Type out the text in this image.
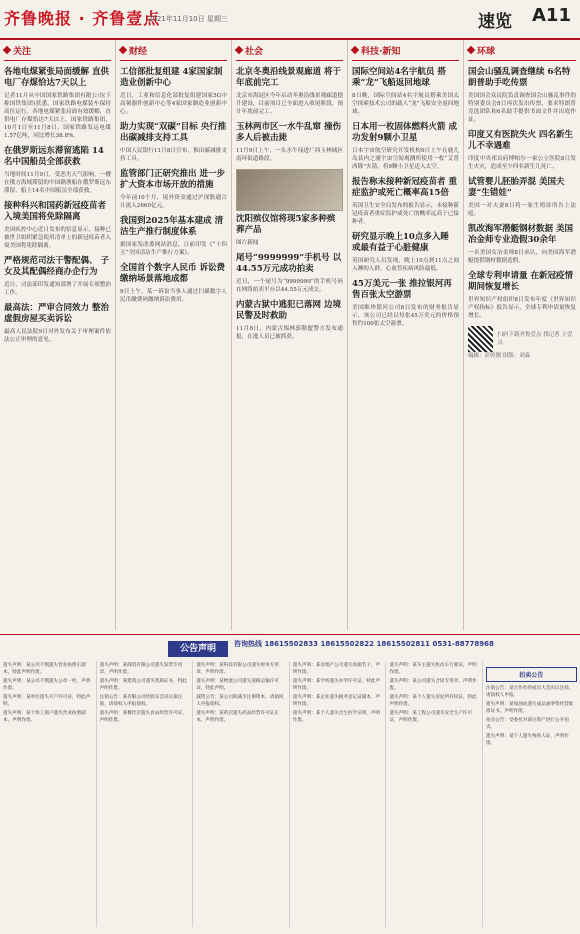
齐鲁晚报 · 齐鲁壹点
2021年11月10日 星期三	速览 A11
关注
各地电煤紧张局面缓解 直供电厂存煤恰达7天以上

记者11月从中国国家铁路集团有限公司(下称国铁集团)获悉，国家铁路电煤装车保持高位运行。各地电煤紧张局面有效缓解，直供电厂存煤恰达7天以上。国家铁路集团，10月1日至11月8日，国家铁路发运电煤1.57亿吨，同比增长38.8%。

在俄罗斯远东滞留逃陷 14名中国船员全部获救

当地时间11月9日，受恶劣天气影响，一艘在俄方海域滞留的中国籍渔船在俄罗斯远东滞留，船上14名中国船员全部获救。

接种科兴和国药新冠疫苗者 入境美国将免除隔离

美国疾控中心近日发布的信息显示，接种已被世卫组织紧急使用清单上的新冠疫苗者入境美国将免除隔离。

严格规范司法干警配偶、 子女及其配偶经商办企行为

近日，司法部印发通知部署了开展专项整治工作。

最高法：严审合同效力 整治虚假房屋买卖诉讼

最高人民法院9日对外发布关于审理案件依法公正审理的意见。

财经
工信部批复组建 4家国家制造业创新中心

近日，工业和信息化部批复组建国家5G中高频器件创新中心等4家国家制造业创新中心。

助力实现“双碳”目标 央行推出碳减排支持工具

中国人民银行11月8日宣布，推出碳减排支持工具。

监管部门正研究推出 进一步扩大资本市场开放的措施

今年前10个月，境外资金通过沪深股通合计流入2660亿元。

我国到2025年基本建成 清洁生产推行制度体系

据国家发改委网站消息，日前印发《“十四五”全国清洁生产推行方案》。

全国首个数字人民币 诉讼费缴纳场景落地成都

9日上午，某一诉讼当事人通过扫描数字人民币缴费码缴纳诉讼费用。

社会
北京冬奥沿线景观廊道 将于年底前完工

北京市海淀区今年启动冬奥沿线景观廊道提升建设，目前项目已全面进入收尾阶段，预计年底前完工。

玉林两市区一水牛乱窜 撞伤多人后被击毙

11月9日上午，一头水牛闯进广西玉林城区南环街道路段。

沈阳殡仪馆将现5家多种殡葬产品

图片新闻

尾号“9999999”手机号 以44.55万元成功拍卖

近日，一个尾号为“9999999”的手机号码在网络拍卖平台以44.55万元成交。

内蒙古狱中逃犯已落网 边境民警及时救助

11月8日，内蒙古锡林郭勒盟警方发布通报，在逃人员已被抓获。

科技·新知
国际空间站4名宇航员 搭乘“龙”飞船返回地球

8日晚，国际空间站4名宇航员搭乘美国太空探索技术公司的载人“龙”飞船安全返回地球。

日本用一枚固体燃料火箭 成功发射9颗小卫星

日本宇宙航空研究开发机构9日上午在鹿儿岛县内之浦宇宙空间观测所使用一枚“艾普西隆”火箭，将9颗小卫星送入太空。

报告称未接种新冠疫苗者 重症监护或死亡概率高15倍

英国卫生安全局发布的报告显示，未接种新冠疫苗者重症监护或死亡的概率远高于已接种者。

研究显示晚上10点多入睡 或最有益于心脏健康

英国研究人员发现，晚上10点到11点之间入睡的人群，心血管疾病风险最低。

45万美元一张 推拉银河再售百张太空游票

美国维珍银河公司8日发布的财务报告显示，该公司已经以每张45万美元的价格预售约100张太空游票。

环球
国会山骚乱调查继续 6名特朗普助手吃传票

美国国会众议院负责调查国会山骚乱事件的特别委员会8日再次发出传票，要求特朗普竞选团队和6名助手提供书面文件并出庭作证。

印度又有医院失火 四名新生儿不幸遇难

印度中央邦首府博帕尔一家公立医院8日发生火灾，造成至少四名新生儿死亡。

试管婴儿胚胎弄混 美国夫妻“生错娃”

美国一对夫妻8日将一家生殖诊所告上法庭。

凯改海军潜艇钢材数据 美国冶金师专业造假30余年

一名美国女冶金师8日承认，向美国海军潜艇提供钢材数据造假。

全球专利申请量 在新冠疫情期间恢复增长

世界知识产权组织8日发布年度《世界知识产权指标》报告显示，全球专利申请量恢复增长。

扫码下载齐鲁壹点 找记者 上壹点
编辑：彭传刚 组版：刘淼
公告声明	咨询热线 18615502833 18615502822 18615502811 0531-88778968

遗失声明：某公司不慎遗失营业执照正副本，特此声明作废。

遗失声明：某公司不慎遗失公章一枚，声明作废。

遗失声明：某单位遗失开户许可证，特此声明。

遗失声明：某个体工商户遗失营业执照副本，声明作废。

遗失声明：某商贸有限公司遗失发票专用章，声明作废。

遗失声明：某建筑公司遗失资质证书，特此声明作废。

注销公告：某有限公司经股东会决议拟注销，请债权人申报债权。

遗失声明：某餐饮店遗失食品经营许可证，声明作废。

遗失声明：某科技有限公司遗失财务专用章，声明作废。

遗失声明：某物流公司遗失道路运输许可证，特此声明。

减资公告：某公司拟减少注册资本，请债权人申报债权。

遗失声明：某药店遗失药品经营许可证正本，声明作废。

遗失声明：某房地产公司遗失收据若干，声明作废。

遗失声明：某学校遗失办学许可证，特此声明作废。

遗失声明：某企业遗失税务登记证副本，声明作废。

遗失声明：某个人遗失出生医学证明，声明作废。

遗失声明：某车主遗失机动车行驶证，声明作废。

遗失声明：某公司遗失合同专用章，声明作废。

遗失声明：某个人遗失房屋所有权证，特此声明作废。

遗失声明：某工程公司遗失安全生产许可证，声明作废。

拍卖公告

注销公告：某合作社经成员大会决议注销，请债权人申报。

遗失声明：某加油站遗失成品油零售经营批准证书，声明作废。

拍卖公告：受委托对部分资产进行公开拍卖。

遗失声明：某个人遗失残疾人证，声明作废。
